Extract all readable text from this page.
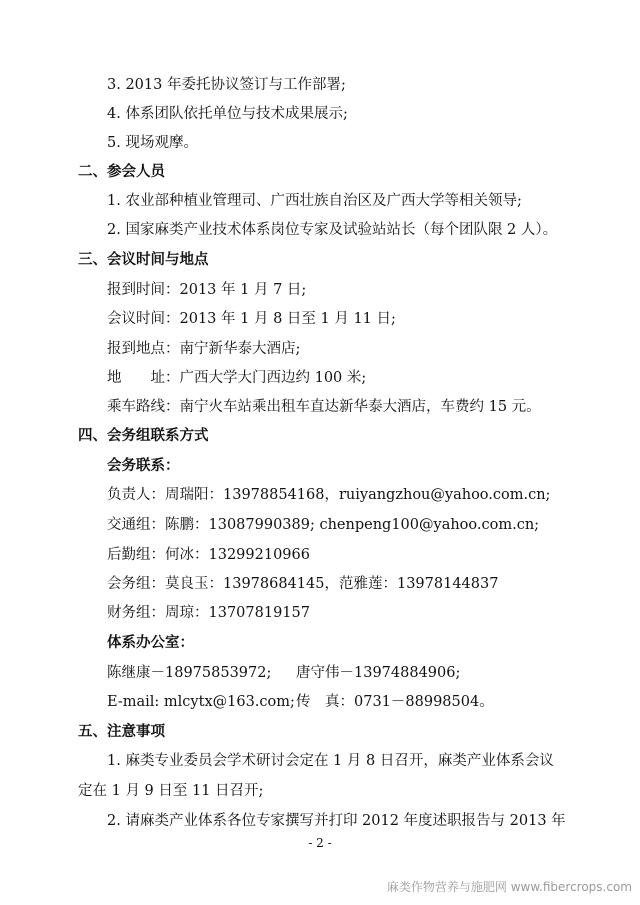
3. 2013 年委托协议签订与工作部署;
4. 体系团队依托单位与技术成果展示;
5. 现场观摩。
二、参会人员
1. 农业部种植业管理司、广西壮族自治区及广西大学等相关领导;
2. 国家麻类产业技术体系岗位专家及试验站站长（每个团队限 2 人）。
三、会议时间与地点
报到时间：2013 年 1 月 7 日;
会议时间：2013 年 1 月 8 日至 1 月 11 日;
报到地点：南宁新华泰大酒店;
地　　址：广西大学大门西边约 100 米;
乘车路线：南宁火车站乘出租车直达新华泰大酒店，车费约 15 元。
四、会务组联系方式
会务联系：
负责人：周瑞阳：13978854168，ruiyangzhou@yahoo.com.cn;
交通组：陈鹏：13087990389; chenpeng100@yahoo.com.cn;
后勤组：何冰：13299210966
会务组：莫良玉：13978684145，范雅莲：13978144837
财务组：周琼：13707819157
体系办公室：
陈继康－18975853972; 唐守伟－13974884906;
E-mail: mlcytx@163.com; 传　真：0731－88998504。
五、注意事项
1. 麻类专业委员会学术研讨会定在 1 月 8 日召开，麻类产业体系会议
定在 1 月 9 日至 11 日召开;
2. 请麻类产业体系各位专家撰写并打印 2012 年度述职报告与 2013 年
- 2 -
麻类作物营养与施肥网 www.fibercrops.com
